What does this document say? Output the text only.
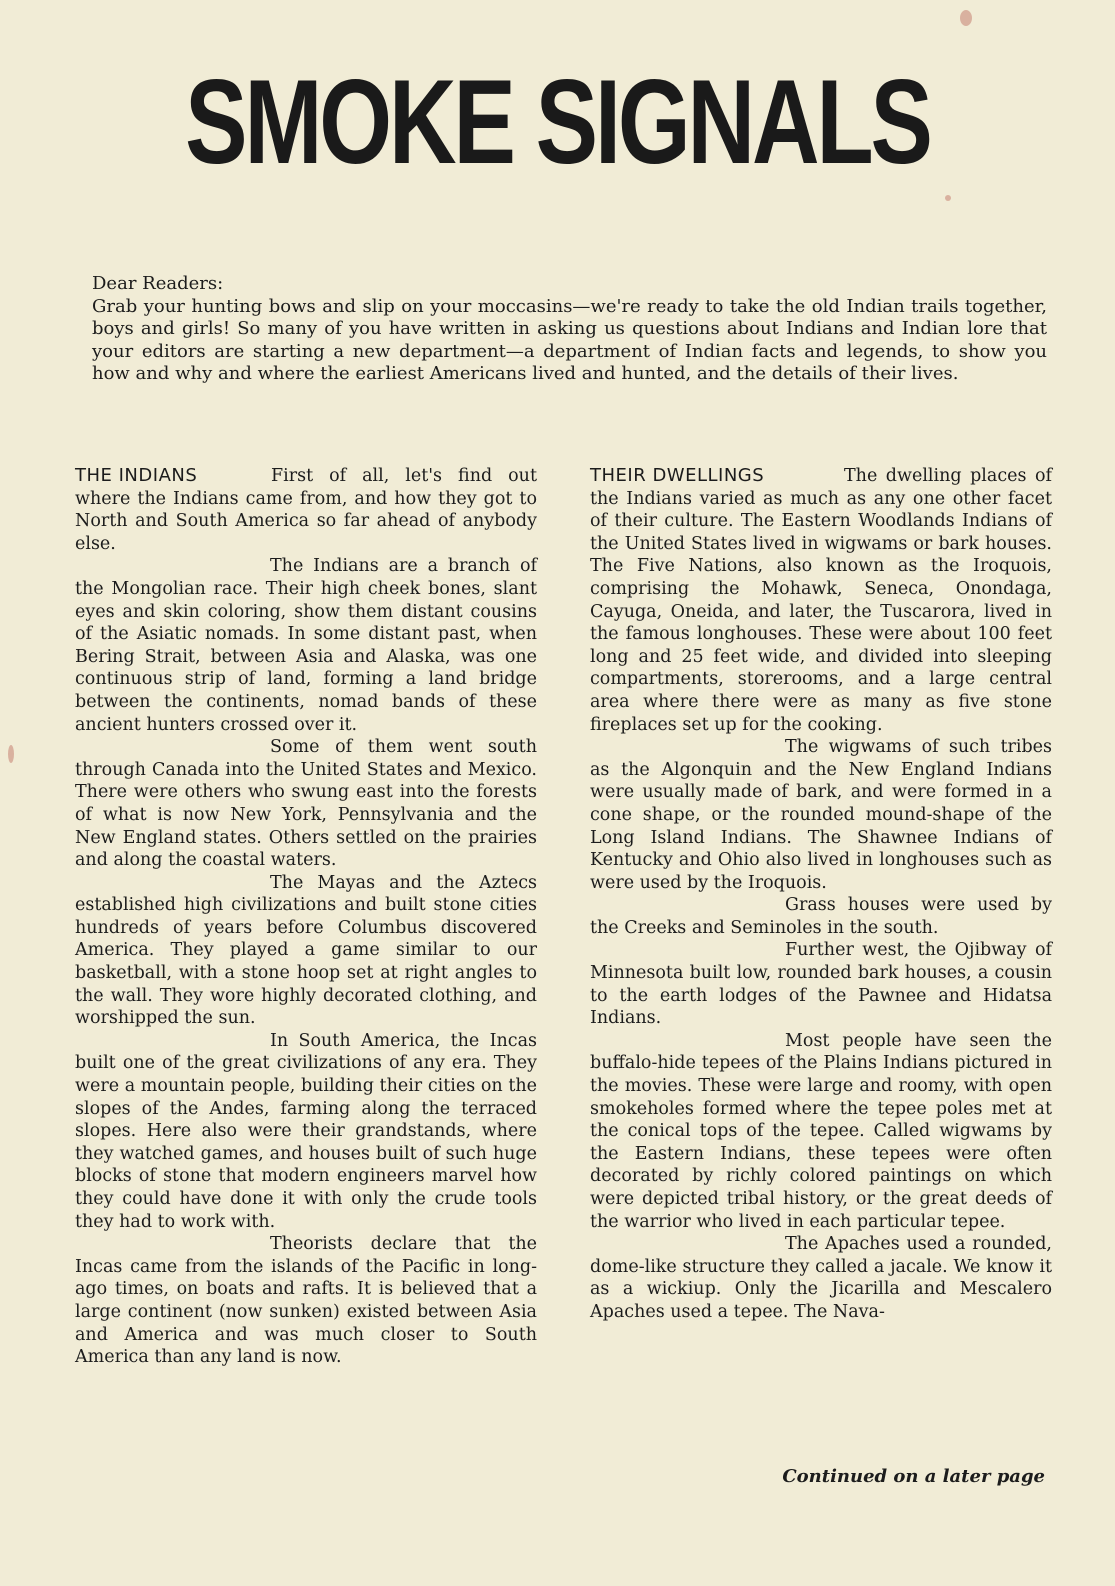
SMOKE SIGNALS

Dear Readers:

Grab your hunting bows and slip on your moccasins—we're ready to take the old Indian trails together, boys and girls! So many of you have written in asking us questions about Indians and Indian lore that your editors are starting a new department—a department of Indian facts and legends, to show you how and why and where the earliest Americans lived and hunted, and the details of their lives.

THE INDIANS	First of all, let's find out where the Indians came from, and how they got to North and South America so far ahead of anybody else.

The Indians are a branch of the Mongolian race. Their high cheek bones, slant eyes and skin coloring, show them distant cousins of the Asiatic nomads. In some distant past, when Bering Strait, between Asia and Alaska, was one continuous strip of land, forming a land bridge between the continents, nomad bands of these ancient hunters crossed over it.

Some of them went south through Canada into the United States and Mexico. There were others who swung east into the forests of what is now New York, Pennsylvania and the New England states. Others settled on the prairies and along the coastal waters.

The Mayas and the Aztecs established high civilizations and built stone cities hundreds of years before Columbus discovered America. They played a game similar to our basketball, with a stone hoop set at right angles to the wall. They wore highly decorated clothing, and worshipped the sun.

In South America, the Incas built one of the great civilizations of any era. They were a mountain people, building their cities on the slopes of the Andes, farming along the terraced slopes. Here also were their grandstands, where they watched games, and houses built of such huge blocks of stone that modern engineers marvel how they could have done it with only the crude tools they had to work with.

Theorists declare that the Incas came from the islands of the Pacific in long-ago times, on boats and rafts. It is believed that a large continent (now sunken) existed between Asia and America and was much closer to South America than any land is now.

THEIR DWELLINGS	The dwelling places of the Indians varied as much as any one other facet of their culture. The Eastern Woodlands Indians of the United States lived in wigwams or bark houses. The Five Nations, also known as the Iroquois, comprising the Mohawk, Seneca, Onondaga, Cayuga, Oneida, and later, the Tuscarora, lived in the famous longhouses. These were about 100 feet long and 25 feet wide, and divided into sleeping compartments, storerooms, and a large central area where there were as many as five stone fireplaces set up for the cooking.

The wigwams of such tribes as the Algonquin and the New England Indians were usually made of bark, and were formed in a cone shape, or the rounded mound-shape of the Long Island Indians. The Shawnee Indians of Kentucky and Ohio also lived in longhouses such as were used by the Iroquois.

Grass houses were used by the Creeks and Seminoles in the south.

Further west, the Ojibway of Minnesota built low, rounded bark houses, a cousin to the earth lodges of the Pawnee and Hidatsa Indians.

Most people have seen the buffalo-hide tepees of the Plains Indians pictured in the movies. These were large and roomy, with open smokeholes formed where the tepee poles met at the conical tops of the tepee. Called wigwams by the Eastern Indians, these tepees were often decorated by richly colored paintings on which were depicted tribal history, or the great deeds of the warrior who lived in each particular tepee.

The Apaches used a rounded, dome-like structure they called a jacale. We know it as a wickiup. Only the Jicarilla and Mescalero Apaches used a tepee. The Nava-

Continued on a later page
